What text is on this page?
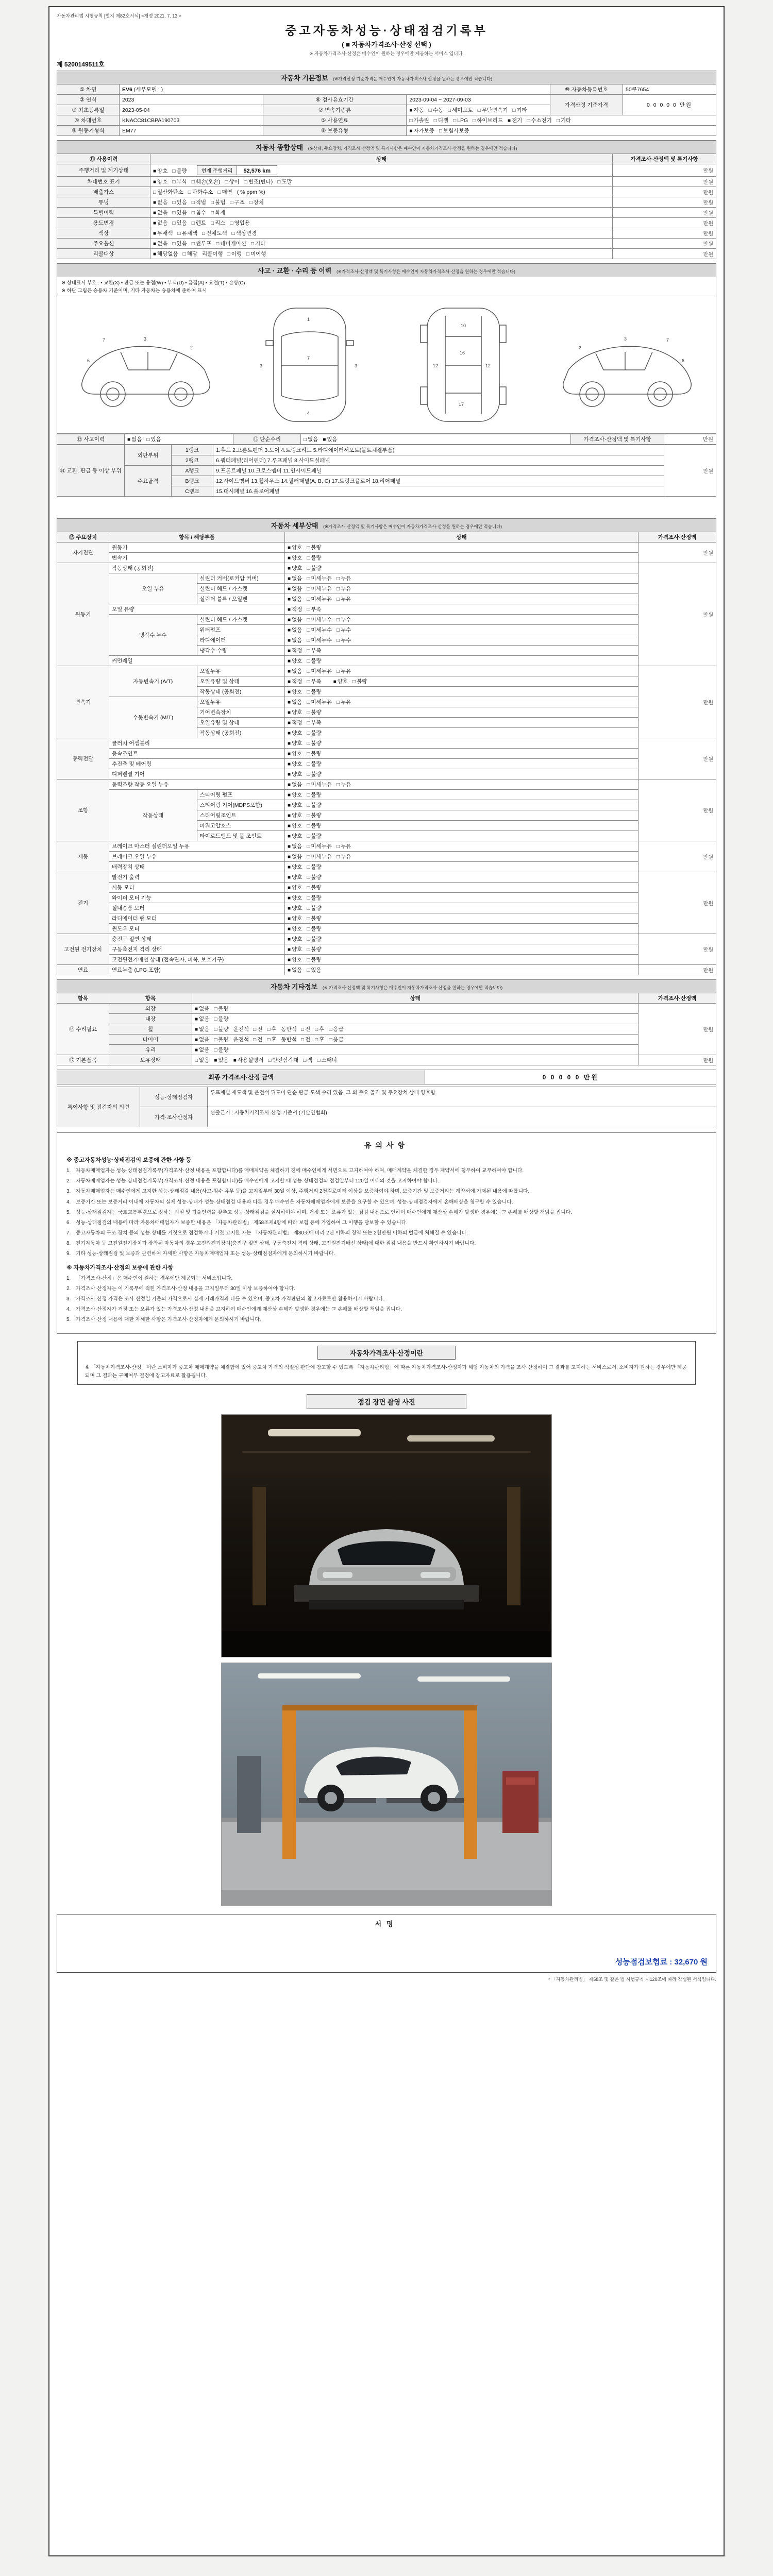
자동차관리법 시행규칙 [별지 제82호서식] <개정 2021. 7. 13.>
중고자동차성능·상태점검기록부
( ■ 자동차가격조사·산정 선택 )
※ 자동차가격조사·산정은 매수인이 원하는 경우에만 제공하는 서비스 입니다.
제 5200149511호
자동차 기본정보 (※가격산정 기준가격은 매수인이 자동차가격조사·산정을 원하는 경우에만 적습니다)
① 차명	EV6 (세부모델 : )			⑩ 자동차등록번호	50쿠7654
② 연식	2023	⑥ 검사유효기간	2023-09-04 ~ 2027-09-03	가격산정 기준가격	0 0 0 0 0 만원
③ 최초등록일	2023-05-04	⑦ 변속기종류	■ 자동 □ 수동 □ 세미오토 □ 무단변속기 □ 기타		
④ 차대번호	KNACC81CBPA190703	⑤ 사용연료	□ 가솔린 □ 디젤 □ LPG □ 하이브리드 ■ 전기 □ 수소전기 □ 기타		
⑨ 원동기형식	EM77	⑧ 보증유형	■ 자가보증 □ 보험사보증		
자동차 종합상태 (※상태, 주요장치, 가격조사·산정액 및 특기사항은 매수인이 자동차가격조사·산정을 원하는 경우에만 적습니다)
⑪ 사용이력	상태	가격조사·산정액 및 특기사항
주행거리 및 계기상태	■ 양호 □ 불량 현재 주행거리 52,576 km	만원
차대번호 표기	■ 양호 □ 부식 □ 훼손(오손) □ 상이 □ 변조(변타) □ 도말	만원
배출가스	□ 일산화탄소 □ 탄화수소 □ 매연 ( % ppm %)	만원
튜닝	■ 없음 □ 있음 □ 적법 □ 불법 □ 구조 □ 장치	만원
특별이력	■ 없음 □ 있음 □ 침수 □ 화재	만원
용도변경	■ 없음 □ 있음 □ 렌트 □ 리스 □ 영업용	만원
색상	■ 무채색 □ 유채색 □ 전체도색 □ 색상변경	만원
주요옵션	■ 없음 □ 있음 □ 썬루프 □ 네비게이션 □ 기타	만원
리콜대상	■ 해당없음 □ 해당 리콜이행 □ 이행 □ 미이행	만원
사고 · 교환 · 수리 등 이력 (※가격조사·산정액 및 특기사항은 매수인이 자동차가격조사·산정을 원하는 경우에만 적습니다)
※ 상태표시 부호 : • 교환(X) • 판금 또는 용접(W) • 부식(U) • 흠집(A) • 요철(T) • 손상(C)
※ 하단 그림은 승용차 기준이며, 기타 자동차는 승용차에 준하여 표시
7	3
2
6
1
7
4
3	3
10
16
17
12	12
7
3
2
6
⑫ 사고이력	■ 없음 □ 있음	⑬ 단순수리	□ 없음 ■ 있음	가격조사·산정액 및 특기사항	만원
⑭ 교환, 판금 등 이상 부위	외판부위	1랭크	1.후드 2.프론트펜더 3.도어 4.트렁크리드 5.라디에이터서포트(볼트체결부품)	만원
		2랭크	6.쿼터패널(리어펜더) 7.루프패널 8.사이드실패널	
	주요골격	A랭크	9.프론트패널 10.크로스멤버 11.인사이드패널	
		B랭크	12.사이드멤버 13.휠하우스 14.필러패널(A, B, C) 17.트렁크플로어 18.리어패널	
		C랭크	15.대시패널 16.플로어패널	
자동차 세부상태 (※가격조사·산정액 및 특기사항은 매수인이 자동차가격조사·산정을 원하는 경우에만 적습니다)
⑮ 주요장치	항목 / 해당부품		상태	가격조사·산정액
자기진단	원동기		■ 양호 □ 불량	만원
	변속기		■ 양호 □ 불량	
원동기	작동상태 (공회전)		■ 양호 □ 불량	만원
	오일 누유	실린더 커버(로커암 커버)	■ 없음 □ 미세누유 □ 누유	
		실린더 헤드 / 가스켓	■ 없음 □ 미세누유 □ 누유	
		실린더 블록 / 오일팬	■ 없음 □ 미세누유 □ 누유	
	오일 유량		■ 적정 □ 부족	
	냉각수 누수	실린더 헤드 / 가스켓	■ 없음 □ 미세누수 □ 누수	
		워터펌프	■ 없음 □ 미세누수 □ 누수	
		라디에이터	■ 없음 □ 미세누수 □ 누수	
		냉각수 수량	■ 적정 □ 부족	
	커먼레일		■ 양호 □ 불량	
변속기	자동변속기 (A/T)	오일누유	■ 없음 □ 미세누유 □ 누유	만원
		오일유량 및 상태	■ 적정 □ 부족 ■ 양호 □ 불량	
		작동상태 (공회전)	■ 양호 □ 불량	
	수동변속기 (M/T)	오일누유	■ 없음 □ 미세누유 □ 누유	
		기어변속장치	■ 양호 □ 불량	
		오일유량 및 상태	■ 적정 □ 부족	
		작동상태 (공회전)	■ 양호 □ 불량	
동력전달	클러치 어셈블리		■ 양호 □ 불량	만원
	등속조인트		■ 양호 □ 불량	
	추진축 및 베어링		■ 양호 □ 불량	
	디퍼렌셜 기어		■ 양호 □ 불량	
조향	동력조향 작동 오일 누유		■ 없음 □ 미세누유 □ 누유	만원
	작동상태	스티어링 펌프	■ 양호 □ 불량	
		스티어링 기어(MDPS포함)	■ 양호 □ 불량	
		스티어링조인트	■ 양호 □ 불량	
		파워고압호스	■ 양호 □ 불량	
		타이로드엔드 및 볼 조인트	■ 양호 □ 불량	
제동	브레이크 마스터 실린더오일 누유		■ 없음 □ 미세누유 □ 누유	만원
	브레이크 오일 누유		■ 없음 □ 미세누유 □ 누유	
	배력장치 상태		■ 양호 □ 불량	
전기	발전기 출력		■ 양호 □ 불량	만원
	시동 모터		■ 양호 □ 불량	
	와이퍼 모터 기능		■ 양호 □ 불량	
	실내송풍 모터		■ 양호 □ 불량	
	라디에이터 팬 모터		■ 양호 □ 불량	
	윈도우 모터		■ 양호 □ 불량	
고전원 전기장치	충전구 절연 상태		■ 양호 □ 불량	만원
	구동축전지 격리 상태		■ 양호 □ 불량	
	고전원전기배선 상태 (접속단자, 피복, 보호기구)		■ 양호 □ 불량	
연료	연료누출 (LPG 포함)		■ 없음 □ 있음	만원
자동차 기타정보 (※ 가격조사·산정액 및 특기사항은 매수인이 자동차가격조사·산정을 원하는 경우에만 적습니다)
항목	항목	상태	가격조사·산정액
⑯ 수리필요	외장	■ 없음 □ 불량	만원
	내장	■ 없음 □ 불량	
	휠	■ 없음 □ 불량 운전석 □ 전 □ 후 동반석 □ 전 □ 후 □ 응급	
	타이어	■ 없음 □ 불량 운전석 □ 전 □ 후 동반석 □ 전 □ 후 □ 응급	
	유리	■ 없음 □ 불량	
⑰ 기본품목	보유상태	□ 없음 ■ 있음 ■ 사용설명서 □ 안전삼각대 □ 잭 □ 스패너	만원
최종 가격조사·산정 금액	0 0 0 0 0 만원
특이사항 및 점검자의 의견	성능·상태점검자	루프패널 재도색 및 운전석 뒤도어 단순 판금·도색 수리 있음. 그 외 주요 골격 및 주요장치 상태 양호함.
	가격·조사산정자	산출근거 : 자동차가격조사·산정 기준서 (기술인협회)
유의사항
※ 중고자동차성능·상태점검의 보증에 관한 사항 등
1.	자동차매매업자는 성능·상태점검기록부(가격조사·산정 내용을 포함합니다)를 매매계약을 체결하기 전에 매수인에게 서면으로 고지하여야 하며, 매매계약을 체결한 경우 계약서에 첨부하여 교부하여야 합니다.
2.	자동차매매업자는 성능·상태점검기록부(가격조사·산정 내용을 포함합니다)를 매수인에게 고지할 때 성능·상태점검의 점검일부터 120일 이내의 것을 고지하여야 합니다.
3.	자동차매매업자는 매수인에게 고지한 성능·상태점검 내용(사고·침수 유무 등)을 고지일부터 30일 이상, 주행거리 2천킬로미터 이상을 보증하여야 하며, 보증기간 및 보증거리는 계약서에 기재된 내용에 따릅니다.
4.	보증기간 또는 보증거리 이내에 자동차의 실제 성능·상태가 성능·상태점검 내용과 다른 경우 매수인은 자동차매매업자에게 보증을 요구할 수 있으며, 성능·상태점검자에게 손해배상을 청구할 수 있습니다.
5.	성능·상태점검자는 국토교통부령으로 정하는 시설 및 기술인력을 갖추고 성능·상태점검을 실시하여야 하며, 거짓 또는 오류가 있는 점검 내용으로 인하여 매수인에게 재산상 손해가 발생한 경우에는 그 손해를 배상할 책임을 집니다.
6.	성능·상태점검의 내용에 따라 자동차매매업자가 보증한 내용은 「자동차관리법」 제58조제4항에 따라 보험 등에 가입하여 그 이행을 담보할 수 있습니다.
7.	중고자동차의 구조·장치 등의 성능·상태를 거짓으로 점검하거나 거짓 고지한 자는 「자동차관리법」 제80조에 따라 2년 이하의 징역 또는 2천만원 이하의 벌금에 처해질 수 있습니다.
8.	전기자동차 등 고전원전기장치가 장착된 자동차의 경우 고전원전기장치(충전구 절연 상태, 구동축전지 격리 상태, 고전원전기배선 상태)에 대한 점검 내용을 반드시 확인하시기 바랍니다.
9.	기타 성능·상태점검 및 보증과 관련하여 자세한 사항은 자동차매매업자 또는 성능·상태점검자에게 문의하시기 바랍니다.
※ 자동차가격조사·산정의 보증에 관한 사항
1.	「가격조사·산정」은 매수인이 원하는 경우에만 제공되는 서비스입니다.
2.	가격조사·산정자는 이 기록부에 적힌 가격조사·산정 내용을 고지일부터 30일 이상 보증하여야 합니다.
3.	가격조사·산정 가격은 조사·산정일 기준의 가격으로서 실제 거래가격과 다를 수 있으며, 중고차 가격판단의 참고자료로만 활용하시기 바랍니다.
4.	가격조사·산정자가 거짓 또는 오류가 있는 가격조사·산정 내용을 고지하여 매수인에게 재산상 손해가 발생한 경우에는 그 손해를 배상할 책임을 집니다.
5.	가격조사·산정 내용에 대한 자세한 사항은 가격조사·산정자에게 문의하시기 바랍니다.
자동차가격조사·산정이란
※ 「자동차가격조사·산정」이란 소비자가 중고차 매매계약을 체결함에 있어 중고차 가격의 적절성 판단에 참고할 수 있도록 「자동차관리법」에 따른 자동차가격조사·산정자가 해당 자동차의 가격을 조사·산정하여 그 결과를 고지하는 서비스로서, 소비자가 원하는 경우에만 제공되며 그 결과는 구매여부 결정에 참고자료로 활용됩니다.
점검 장면 촬영 사진
서명
성능점검보험료 : 32,670 원
* 「자동차관리법」 제58조 및 같은 법 시행규칙 제120조에 따라 작성된 서식입니다.
